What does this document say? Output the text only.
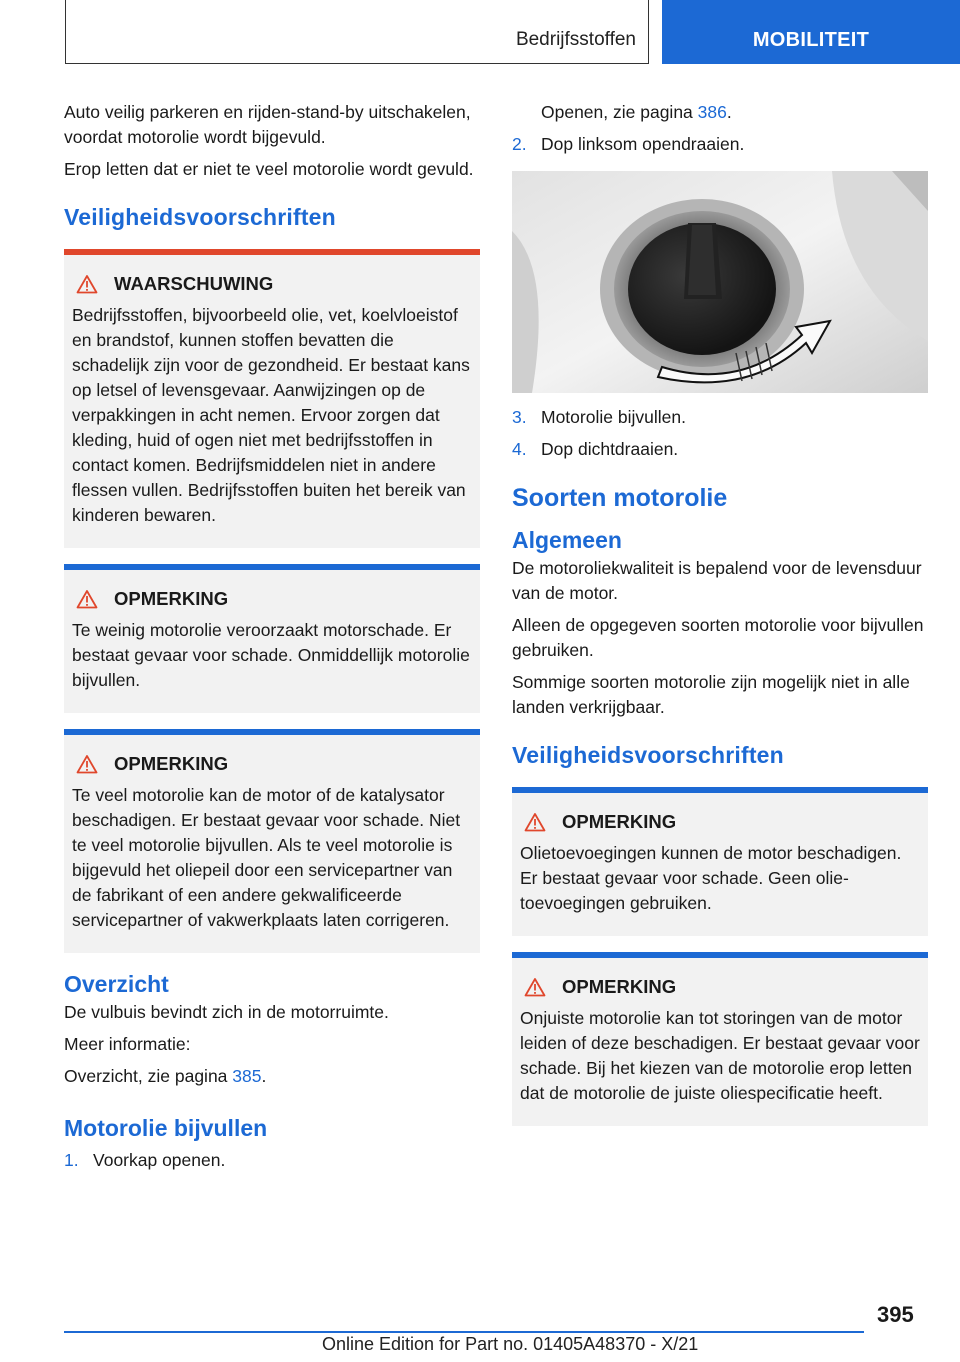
Bedrijfsstoffen	MOBILITEIT

Auto veilig parkeren en rijden-stand-by uitschakelen, voordat motorolie wordt bijgevuld.

Erop letten dat er niet te veel motorolie wordt gevuld.

Veiligheidsvoorschriften
WAARSCHUWING
Bedrijfsstoffen, bijvoorbeeld olie, vet, koelvloeistof en brandstof, kunnen stoffen bevatten die schadelijk zijn voor de gezondheid. Er bestaat kans op letsel of levensgevaar. Aanwijzingen op de verpakkingen in acht nemen. Ervoor zorgen dat kleding, huid of ogen niet met bedrijfsstoffen in contact komen. Bedrijfsmiddelen niet in andere flessen vullen. Bedrijfsstoffen buiten het bereik van kinderen bewaren.
OPMERKING
Te weinig motorolie veroorzaakt motorschade. Er bestaat gevaar voor schade. Onmiddellijk motorolie bijvullen.
OPMERKING
Te veel motorolie kan de motor of de katalysator beschadigen. Er bestaat gevaar voor schade. Niet te veel motorolie bijvullen. Als te veel motorolie is bijgevuld het oliepeil door een servicepartner van de fabrikant of een andere gekwalificeerde servicepartner of vakwerkplaats laten corrigeren.
Overzicht

De vulbuis bevindt zich in de motorruimte.

Meer informatie:

Overzicht, zie pagina 385.

Motorolie bijvullen
1. Voorkap openen.
Openen, zie pagina 386.
2. Dop linksom opendraaien.
3. Motorolie bijvullen.
4. Dop dichtdraaien.
Soorten motorolie
Algemeen

De motoroliekwaliteit is bepalend voor de levensduur van de motor.

Alleen de opgegeven soorten motorolie voor bijvullen gebruiken.

Sommige soorten motorolie zijn mogelijk niet in alle landen verkrijgbaar.

Veiligheidsvoorschriften
OPMERKING
Olietoevoegingen kunnen de motor beschadigen. Er bestaat gevaar voor schade. Geen olietoevoegingen gebruiken.
OPMERKING
Onjuiste motorolie kan tot storingen van de motor leiden of deze beschadigen. Er bestaat gevaar voor schade. Bij het kiezen van de motorolie erop letten dat de motorolie de juiste oliespecificatie heeft.
395
Online Edition for Part no. 01405A48370 - X/21
